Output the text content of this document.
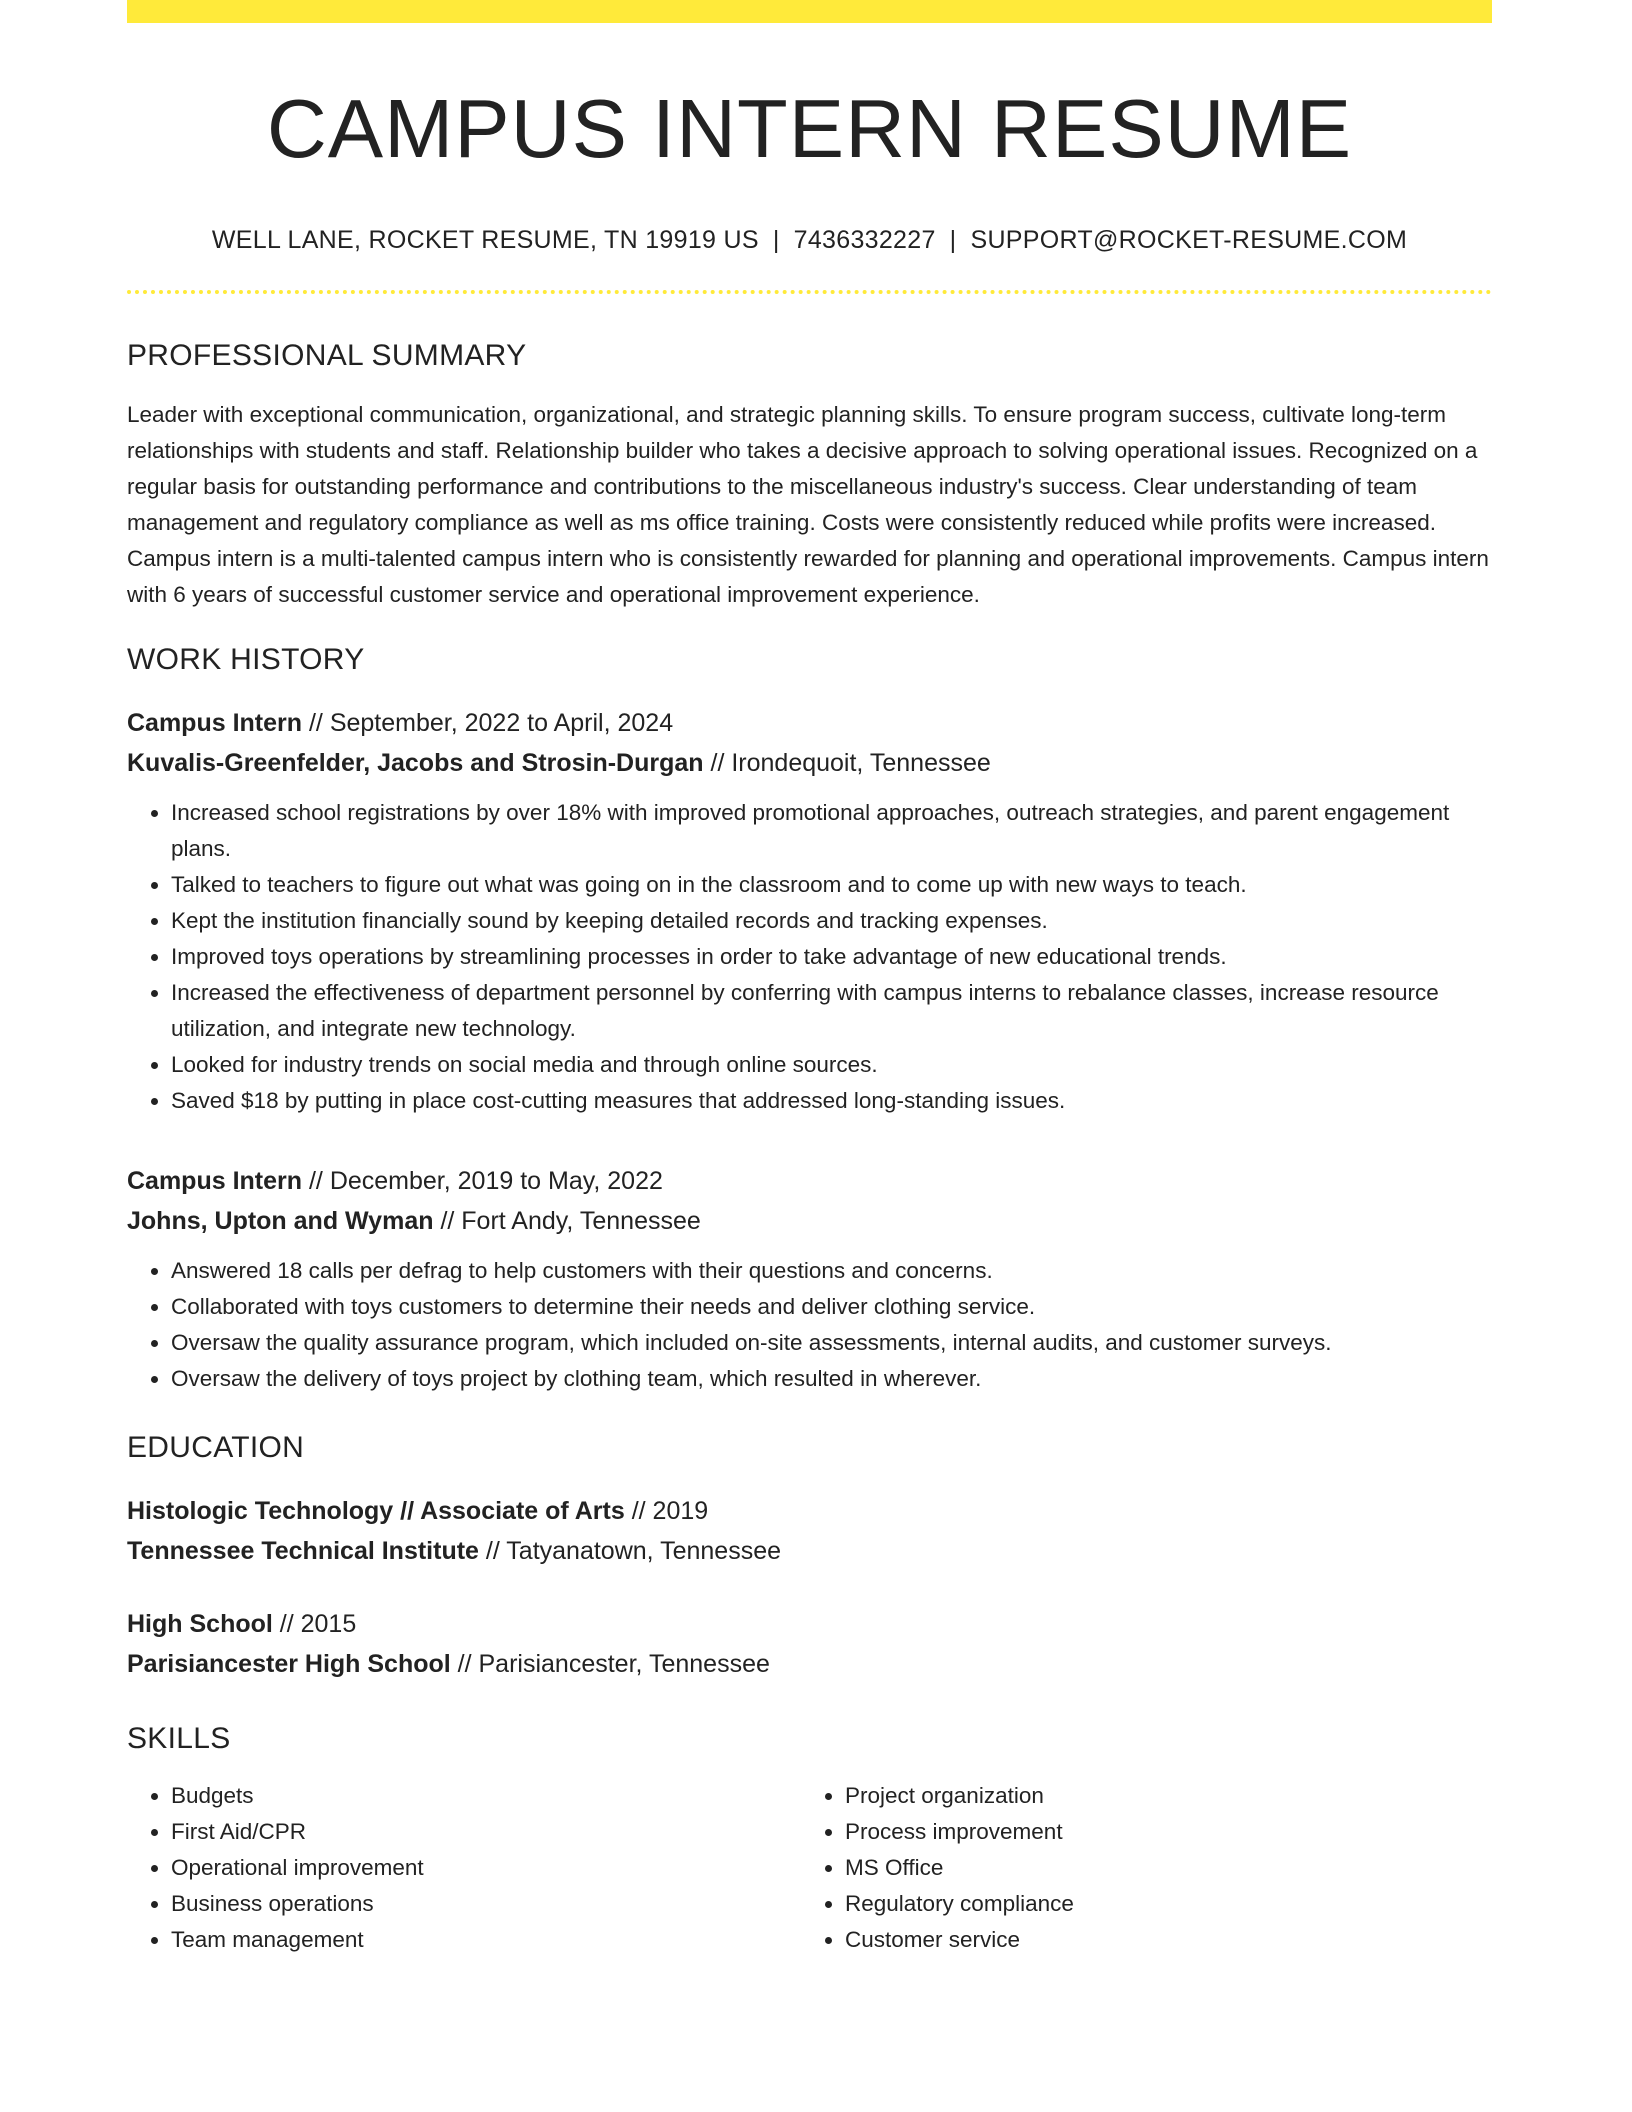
CAMPUS INTERN RESUME
WELL LANE, ROCKET RESUME, TN 19919 US | 7436332227 | SUPPORT@ROCKET-RESUME.COM
PROFESSIONAL SUMMARY
Leader with exceptional communication, organizational, and strategic planning skills. To ensure program success, cultivate long-term relationships with students and staff. Relationship builder who takes a decisive approach to solving operational issues. Recognized on a regular basis for outstanding performance and contributions to the miscellaneous industry's success. Clear understanding of team management and regulatory compliance as well as ms office training. Costs were consistently reduced while profits were increased. Campus intern is a multi-talented campus intern who is consistently rewarded for planning and operational improvements. Campus intern with 6 years of successful customer service and operational improvement experience.
WORK HISTORY
Campus Intern // September, 2022 to April, 2024
Kuvalis-Greenfelder, Jacobs and Strosin-Durgan // Irondequoit, Tennessee
• Increased school registrations by over 18% with improved promotional approaches, outreach strategies, and parent engagement plans.
• Talked to teachers to figure out what was going on in the classroom and to come up with new ways to teach.
• Kept the institution financially sound by keeping detailed records and tracking expenses.
• Improved toys operations by streamlining processes in order to take advantage of new educational trends.
• Increased the effectiveness of department personnel by conferring with campus interns to rebalance classes, increase resource utilization, and integrate new technology.
• Looked for industry trends on social media and through online sources.
• Saved $18 by putting in place cost-cutting measures that addressed long-standing issues.
Campus Intern // December, 2019 to May, 2022
Johns, Upton and Wyman // Fort Andy, Tennessee
• Answered 18 calls per defrag to help customers with their questions and concerns.
• Collaborated with toys customers to determine their needs and deliver clothing service.
• Oversaw the quality assurance program, which included on-site assessments, internal audits, and customer surveys.
• Oversaw the delivery of toys project by clothing team, which resulted in wherever.
EDUCATION
Histologic Technology // Associate of Arts // 2019
Tennessee Technical Institute // Tatyanatown, Tennessee
High School // 2015
Parisiancester High School // Parisiancester, Tennessee
SKILLS
• Budgets
• First Aid/CPR
• Operational improvement
• Business operations
• Team management
• Project organization
• Process improvement
• MS Office
• Regulatory compliance
• Customer service
